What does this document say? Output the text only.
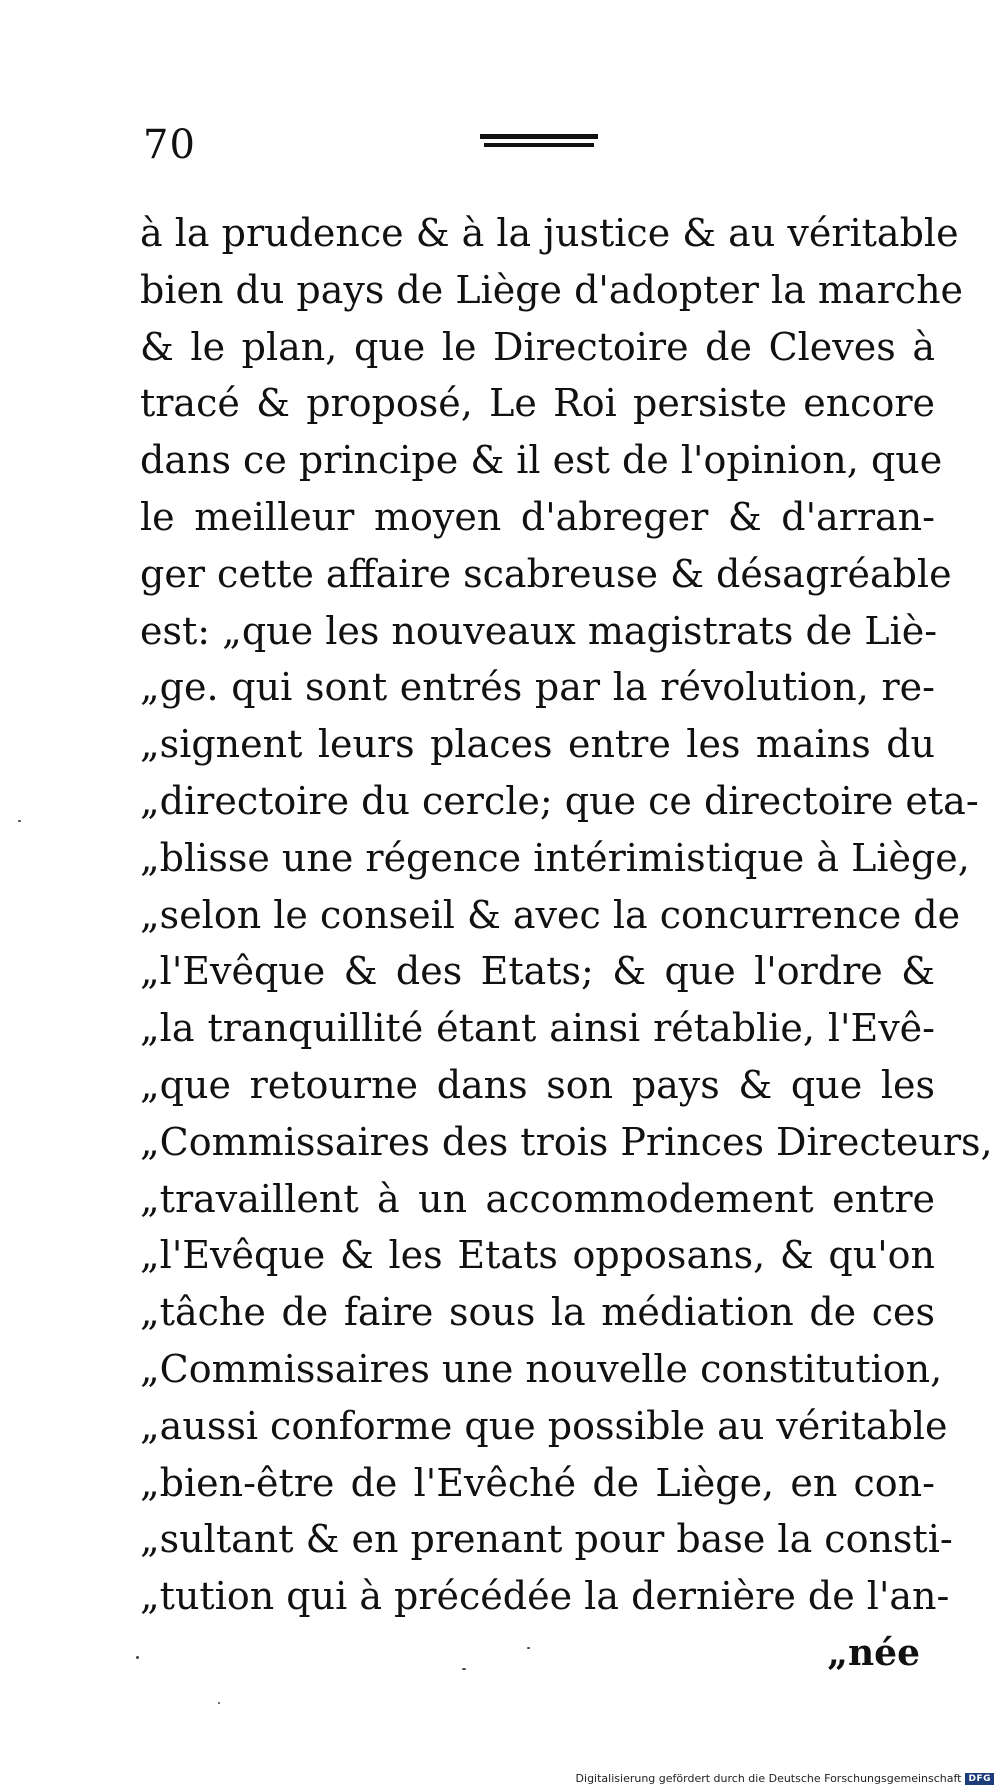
70
à la prudence & à la justice & au véritable
bien du pays de Liège d'adopter la marche
& le plan, que le Directoire de Cleves à
tracé & proposé, Le Roi persiste encore
dans ce principe & il est de l'opinion, que
le meilleur moyen d'abreger & d'arran-
ger cette affaire scabreuse & désagréable
est: „que les nouveaux magistrats de Liè-
„ge. qui sont entrés par la révolution, re-
„signent leurs places entre les mains du
„directoire du cercle; que ce directoire eta-
„blisse une régence intérimistique à Liège,
„selon le conseil & avec la concurrence de
„l'Evêque & des Etats; & que l'ordre &
„la tranquillité étant ainsi rétablie, l'Evê-
„que retourne dans son pays & que les
„Commissaires des trois Princes Directeurs,
„travaillent à un accommodement entre
„l'Evêque & les Etats opposans, & qu'on
„tâche de faire sous la médiation de ces
„Commissaires une nouvelle constitution,
„aussi conforme que possible au véritable
„bien-être de l'Evêché de Liège, en con-
„sultant & en prenant pour base la consti-
„tution qui à précédée la dernière de l'an-
„née
Digitalisierung gefördert durch die Deutsche Forschungsgemeinschaft DFG
